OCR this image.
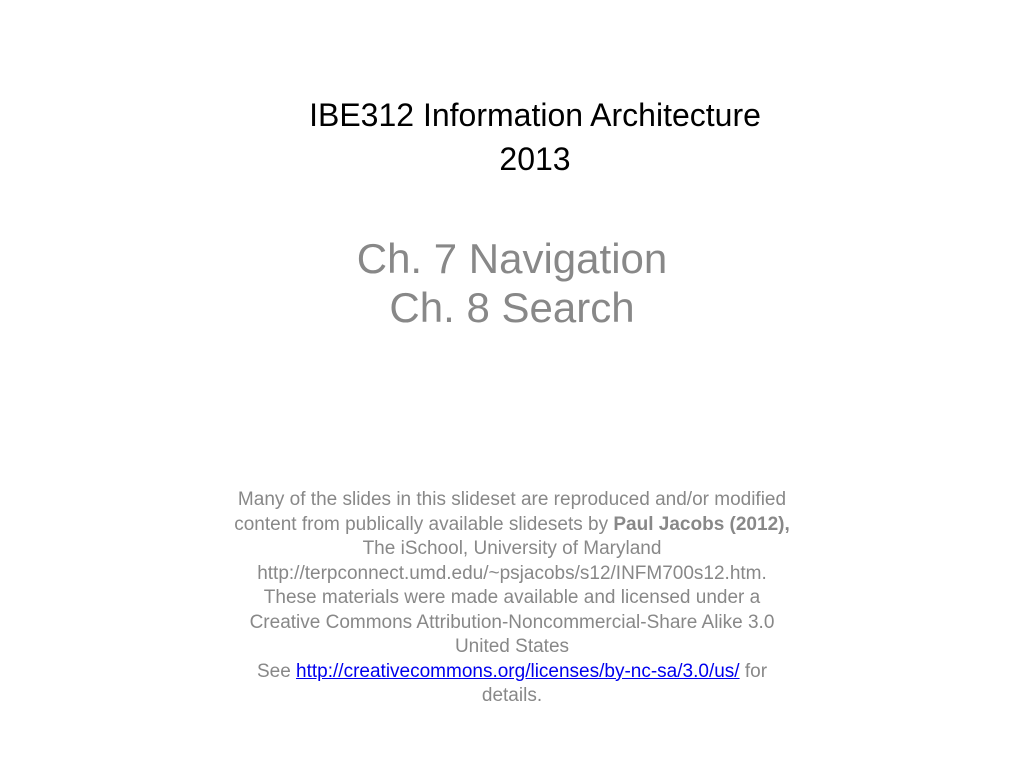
IBE312 Information Architecture
2013
Ch. 7 Navigation
Ch. 8 Search
Many of the slides in this slideset are reproduced and/or modified
content from publically available slidesets by Paul Jacobs (2012),
The iSchool, University of Maryland
http://terpconnect.umd.edu/~psjacobs/s12/INFM700s12.htm.
These materials were made available and licensed under a
Creative Commons Attribution-Noncommercial-Share Alike 3.0
United States
See http://creativecommons.org/licenses/by-nc-sa/3.0/us/ for
details.
